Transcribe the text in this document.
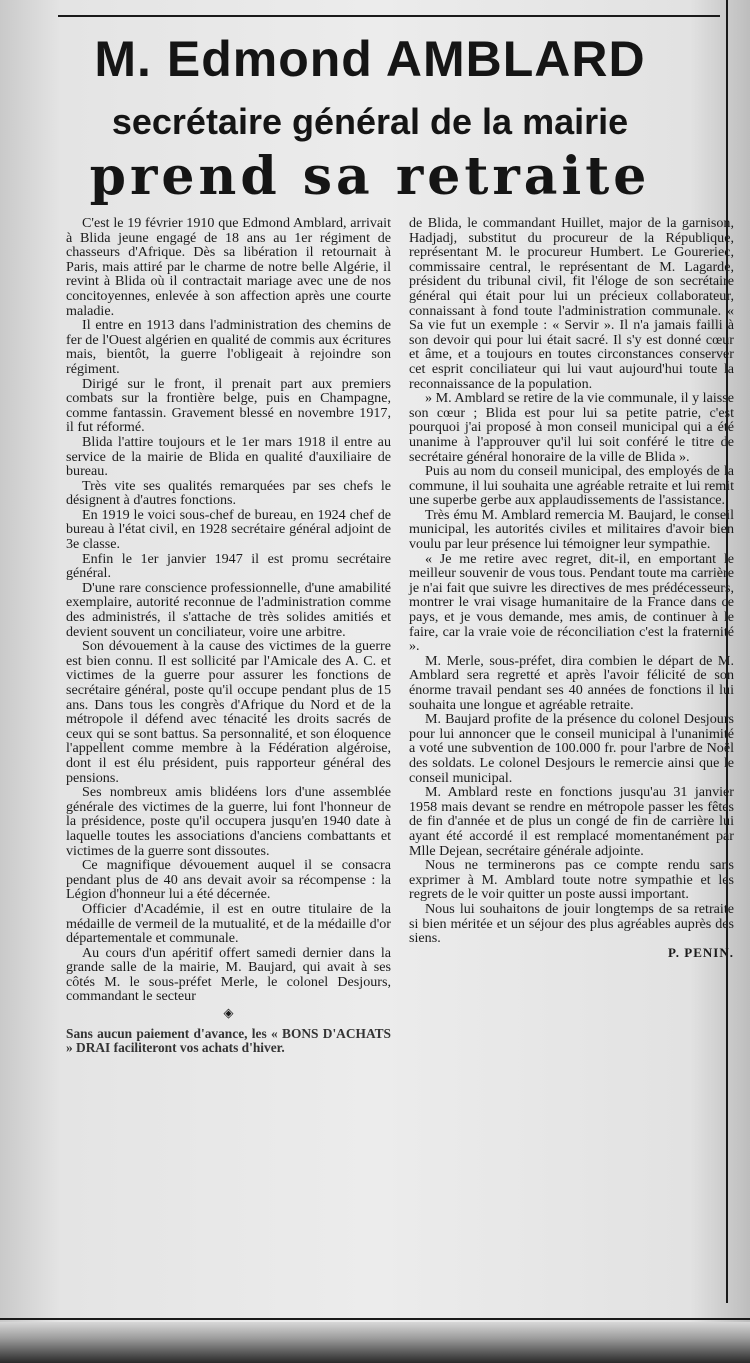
M. Edmond AMBLARD
secrétaire général de la mairie
prend sa retraite

C'est le 19 février 1910 que Edmond Amblard, arrivait à Blida jeune engagé de 18 ans au 1er régiment de chasseurs d'Afrique. Dès sa libération il retournait à Paris, mais attiré par le charme de notre belle Algérie, il revint à Blida où il contractait mariage avec une de nos concitoyennes, enlevée à son affection après une courte maladie.

Il entre en 1913 dans l'administration des chemins de fer de l'Ouest algérien en qualité de commis aux écritures mais, bientôt, la guerre l'obligeait à rejoindre son régiment.

Dirigé sur le front, il prenait part aux premiers combats sur la frontière belge, puis en Champagne, comme fantassin. Gravement blessé en novembre 1917, il fut réformé.

Blida l'attire toujours et le 1er mars 1918 il entre au service de la mairie de Blida en qualité d'auxiliaire de bureau.

Très vite ses qualités remarquées par ses chefs le désignent à d'autres fonctions.

En 1919 le voici sous-chef de bureau, en 1924 chef de bureau à l'état civil, en 1928 secrétaire général adjoint de 3e classe.

Enfin le 1er janvier 1947 il est promu secrétaire général.

D'une rare conscience professionnelle, d'une amabilité exemplaire, autorité reconnue de l'administration comme des administrés, il s'attache de très solides amitiés et devient souvent un conciliateur, voire une arbitre.

Son dévouement à la cause des victimes de la guerre est bien connu. Il est sollicité par l'Amicale des A. C. et victimes de la guerre pour assurer les fonctions de secrétaire général, poste qu'il occupe pendant plus de 15 ans. Dans tous les congrès d'Afrique du Nord et de la métropole il défend avec ténacité les droits sacrés de ceux qui se sont battus. Sa personnalité, et son éloquence l'appellent comme membre à la Fédération algéroise, dont il est élu président, puis rapporteur général des pensions.

Ses nombreux amis blidéens lors d'une assemblée générale des victimes de la guerre, lui font l'honneur de la présidence, poste qu'il occupera jusqu'en 1940 date à laquelle toutes les associations d'anciens combattants et victimes de la guerre sont dissoutes.

Ce magnifique dévouement auquel il se consacra pendant plus de 40 ans devait avoir sa récompense : la Légion d'honneur lui a été décernée.

Officier d'Académie, il est en outre titulaire de la médaille de vermeil de la mutualité, et de la médaille d'or départementale et communale.

Au cours d'un apéritif offert samedi dernier dans la grande salle de la mairie, M. Baujard, qui avait à ses côtés M. le sous-préfet Merle, le colonel Desjours, commandant le secteur

◈

Sans aucun paiement d'avance, les « BONS D'ACHATS » DRAI faciliteront vos achats d'hiver.

de Blida, le commandant Huillet, major de la garnison, Hadjadj, substitut du procureur de la République, représentant M. le procureur Humbert. Le Goureriec, commissaire central, le représentant de M. Lagarde, président du tribunal civil, fit l'éloge de son secrétaire général qui était pour lui un précieux collaborateur, connaissant à fond toute l'administration communale. « Sa vie fut un exemple : « Servir ». Il n'a jamais failli à son devoir qui pour lui était sacré. Il s'y est donné cœur et âme, et a toujours en toutes circonstances conserver cet esprit conciliateur qui lui vaut aujourd'hui toute la reconnaissance de la population.

» M. Amblard se retire de la vie communale, il y laisse son cœur ; Blida est pour lui sa petite patrie, c'est pourquoi j'ai proposé à mon conseil municipal qui a été unanime à l'approuver qu'il lui soit conféré le titre de secrétaire général honoraire de la ville de Blida ».

Puis au nom du conseil municipal, des employés de la commune, il lui souhaita une agréable retraite et lui remit une superbe gerbe aux applaudissements de l'assistance.

Très ému M. Amblard remercia M. Baujard, le conseil municipal, les autorités civiles et militaires d'avoir bien voulu par leur présence lui témoigner leur sympathie.

« Je me retire avec regret, dit-il, en emportant le meilleur souvenir de vous tous. Pendant toute ma carrière je n'ai fait que suivre les directives de mes prédécesseurs, montrer le vrai visage humanitaire de la France dans ce pays, et je vous demande, mes amis, de continuer à le faire, car la vraie voie de réconciliation c'est la fraternité ».

M. Merle, sous-préfet, dira combien le départ de M. Amblard sera regretté et après l'avoir félicité de son énorme travail pendant ses 40 années de fonctions il lui souhaita une longue et agréable retraite.

M. Baujard profite de la présence du colonel Desjours pour lui annoncer que le conseil municipal à l'unanimité a voté une subvention de 100.000 fr. pour l'arbre de Noël des soldats. Le colonel Desjours le remercie ainsi que le conseil municipal.

M. Amblard reste en fonctions jusqu'au 31 janvier 1958 mais devant se rendre en métropole passer les fêtes de fin d'année et de plus un congé de fin de carrière lui ayant été accordé il est remplacé momentanément par Mlle Dejean, secrétaire générale adjointe.

Nous ne terminerons pas ce compte rendu sans exprimer à M. Amblard toute notre sympathie et les regrets de le voir quitter un poste aussi important.

Nous lui souhaitons de jouir longtemps de sa retraite si bien méritée et un séjour des plus agréables auprès des siens.

P. PENIN.
